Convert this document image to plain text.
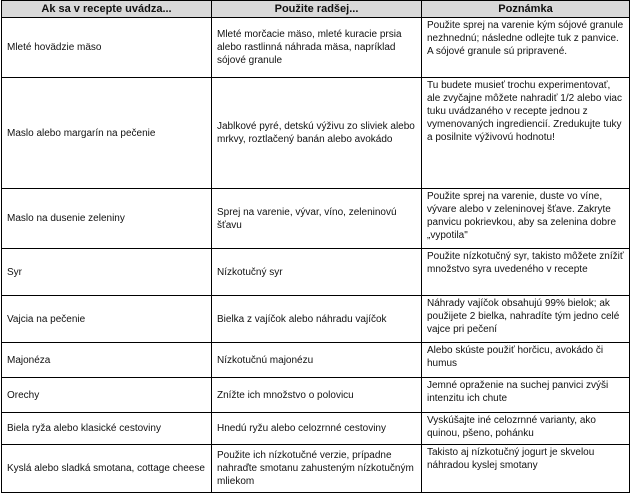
Ak sa v recepte uvádza...	Použite radšej...	Poznámka
Mleté hovädzie mäso	Mleté morčacie mäso, mleté kuracie prsia alebo rastlinná náhrada mäsa, napríklad sójové granule	Použite sprej na varenie kým sójové granule nezhnednú; následne odlejte tuk z panvice. A sójové granule sú pripravené.
Maslo alebo margarín na pečenie	Jablkové pyré, detskú výživu zo sliviek alebo mrkvy, roztlačený banán alebo avokádo	Tu budete musieť trochu experimentovať, ale zvyčajne môžete nahradiť 1/2 alebo viac tuku uvádzaného v recepte jednou z vymenovaných ingrediencií. Zredukujte tuky a posilnite výživovú hodnotu!
Maslo na dusenie zeleniny	Sprej na varenie, vývar, víno, zeleninovú šťavu	Použite sprej na varenie, duste vo víne, vývare alebo v zeleninovej šťave. Zakryte panvicu pokrievkou, aby sa zelenina dobre „vypotila"
Syr	Nízkotučný syr	Použite nízkotučný syr, takisto môžete znížiť množstvo syra uvedeného v recepte
Vajcia na pečenie	Bielka z vajíčok alebo náhradu vajíčok	Náhrady vajíčok obsahujú 99% bielok; ak použijete 2 bielka, nahradíte tým jedno celé vajce pri pečení
Majonéza	Nízkotučnú majonézu	Alebo skúste použiť horčicu, avokádo či humus
Orechy	Znížte ich množstvo o polovicu	Jemné opraženie na suchej panvici zvýši intenzitu ich chute
Biela ryža alebo klasické cestoviny	Hnedú ryžu alebo celozrnné cestoviny	Vyskúšajte iné celozrnné varianty, ako quinou, pšeno, pohánku
Kyslá alebo sladká smotana, cottage cheese	Použite ich nízkotučné verzie, prípadne nahraďte smotanu zahusteným nízkotučným mliekom	Takisto aj nízkotučný jogurt je skvelou náhradou kyslej smotany
